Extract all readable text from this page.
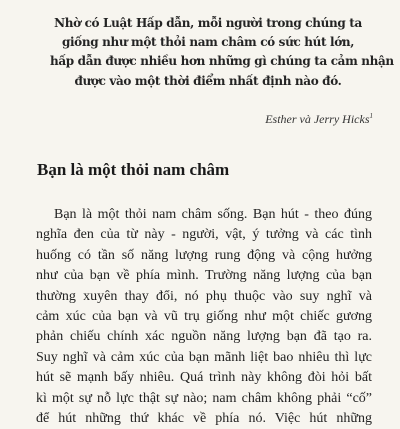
Nhờ có Luật Hấp dẫn, mỗi người trong chúng ta
giống như một thỏi nam châm có sức hút lớn,
hấp dẫn được nhiều hơn những gì chúng ta cảm nhận
được vào một thời điểm nhất định nào đó.
Esther và Jerry Hicks$^1$
Bạn là một thỏi nam châm
Bạn là một thỏi nam châm sống. Bạn hút - theo đúng
nghĩa đen của từ này - người, vật, ý tưởng và các tình
huống có tần số năng lượng rung động và cộng hưởng
như của bạn về phía mình. Trường năng lượng của bạn
thường xuyên thay đổi, nó phụ thuộc vào suy nghĩ và
cảm xúc của bạn và vũ trụ giống như một chiếc gương
phản chiếu chính xác nguồn năng lượng bạn đã tạo ra.
Suy nghĩ và cảm xúc của bạn mãnh liệt bao nhiêu thì lực
hút sẽ mạnh bấy nhiêu. Quá trình này không đòi hỏi bất
kì một sự nỗ lực thật sự nào; nam châm không phải “cố”
để hút những thứ khác về phía nó. Việc hút những
